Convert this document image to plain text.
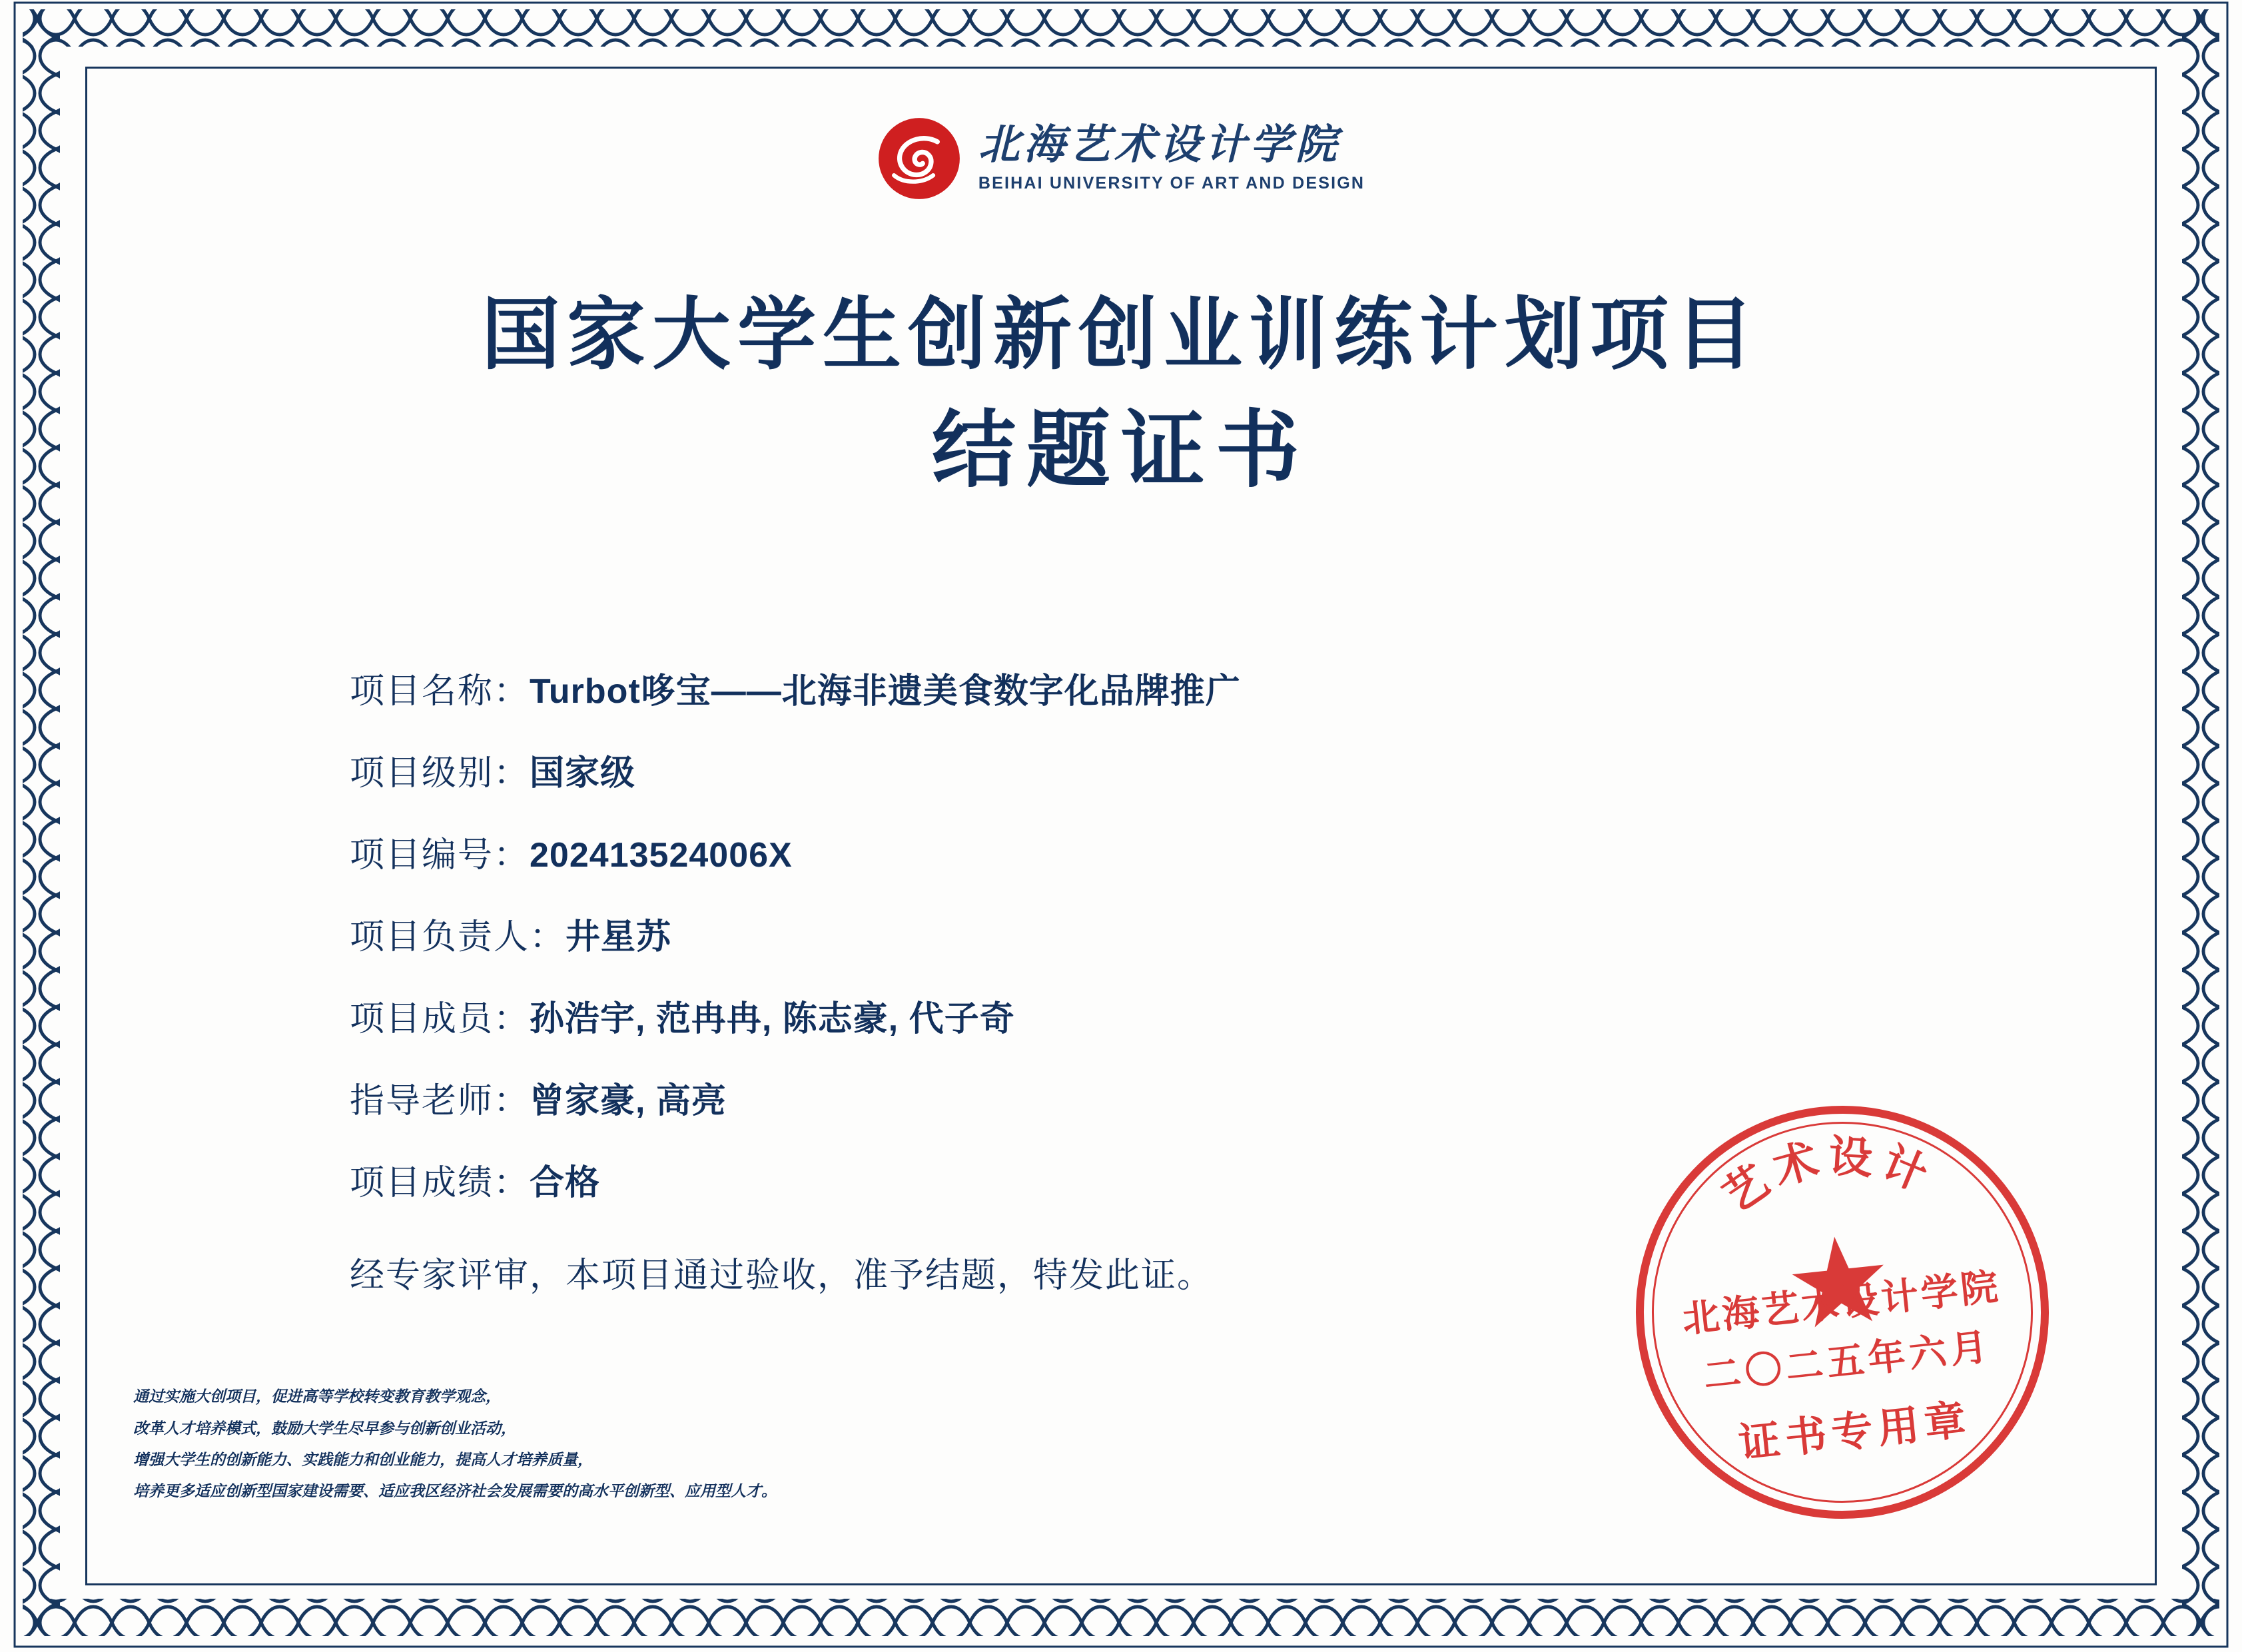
北海艺术设计学院
BEIHAI UNIVERSITY OF ART AND DESIGN
国家大学生创新创业训练计划项目
结题证书
项目名称： Turbot哆宝——北海非遗美食数字化品牌推广
项目级别： 国家级
项目编号： 202413524006X
项目负责人： 井星苏
项目成员： 孙浩宇, 范冉冉, 陈志豪, 代子奇
指导老师： 曾家豪, 高亮
项目成绩： 合格
经专家评审，本项目通过验收，准予结题，特发此证。
通过实施大创项目，促进高等学校转变教育教学观念，
改革人才培养模式，鼓励大学生尽早参与创新创业活动，
增强大学生的创新能力、实践能力和创业能力，提高人才培养质量，
培养更多适应创新型国家建设需要、适应我区经济社会发展需要的高水平创新型、应用型人才。
艺术设计
北海艺术设计学院
二〇二五年六月
证书专用章
